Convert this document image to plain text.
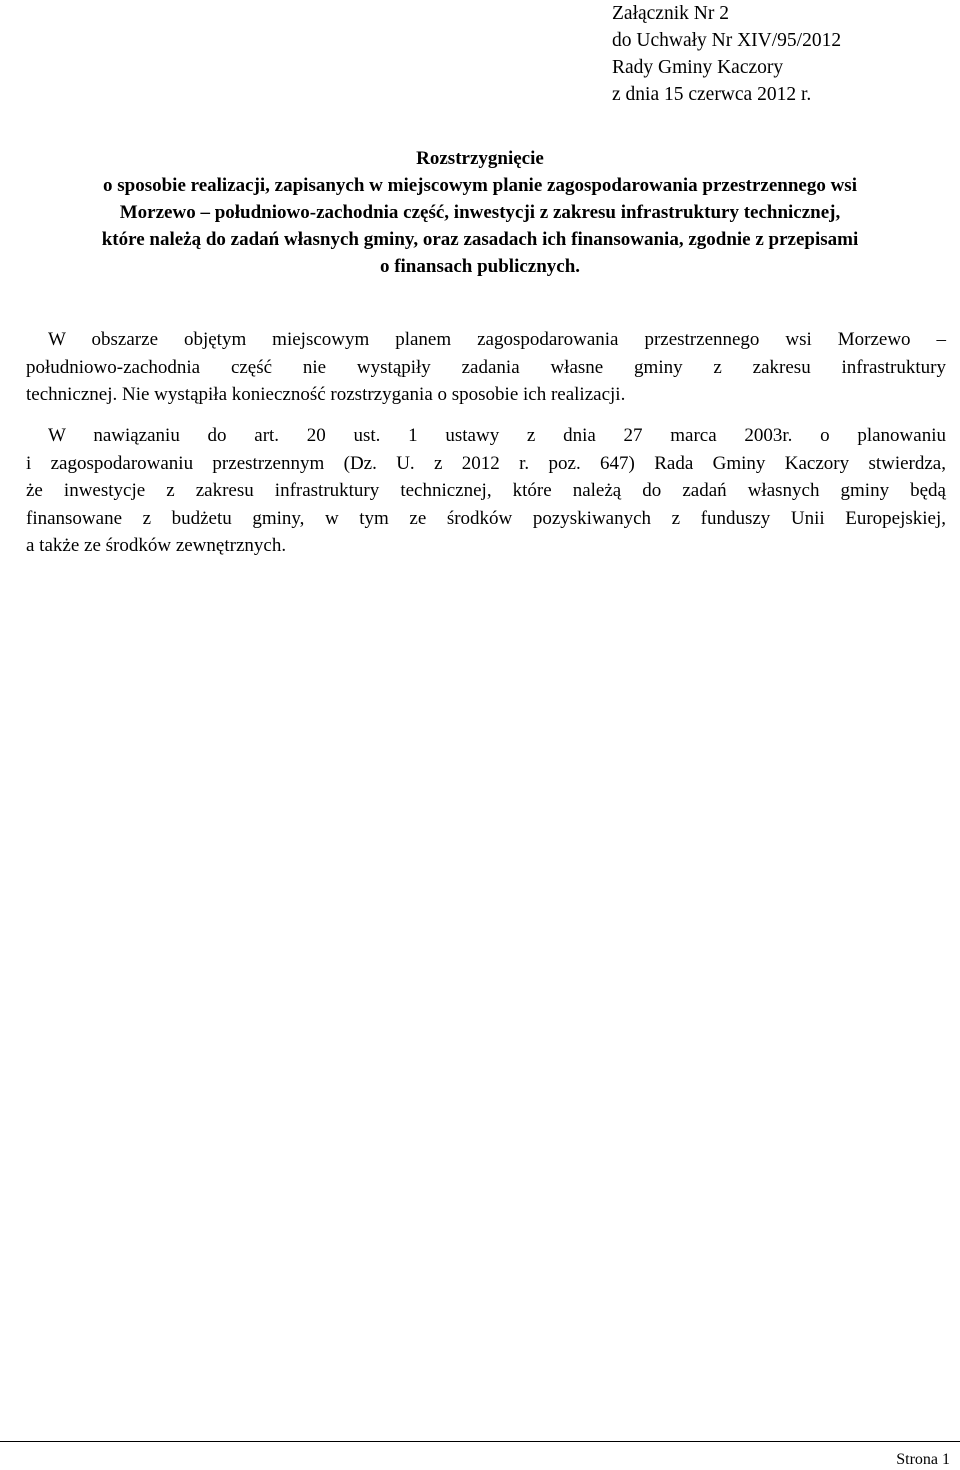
Załącznik Nr 2
do Uchwały Nr XIV/95/2012
Rady Gminy Kaczory
z dnia 15 czerwca 2012 r.
Rozstrzygnięcie
o sposobie realizacji, zapisanych w miejscowym planie zagospodarowania przestrzennego wsi
Morzewo – południowo-zachodnia część, inwestycji z zakresu infrastruktury technicznej,
które należą do zadań własnych gminy, oraz zasadach ich finansowania, zgodnie z przepisami
o finansach publicznych.
W obszarze objętym miejscowym planem zagospodarowania przestrzennego wsi Morzewo –
południowo-zachodnia część nie wystąpiły zadania własne gminy z zakresu infrastruktury
technicznej. Nie wystąpiła konieczność rozstrzygania o sposobie ich realizacji.
W nawiązaniu do art. 20 ust. 1 ustawy z dnia 27 marca 2003r. o planowaniu
i zagospodarowaniu przestrzennym (Dz. U. z 2012 r. poz. 647) Rada Gminy Kaczory stwierdza,
że inwestycje z zakresu infrastruktury technicznej, które należą do zadań własnych gminy będą
finansowane z budżetu gminy, w tym ze środków pozyskiwanych z funduszy Unii Europejskiej,
a także ze środków zewnętrznych.
Strona 1
